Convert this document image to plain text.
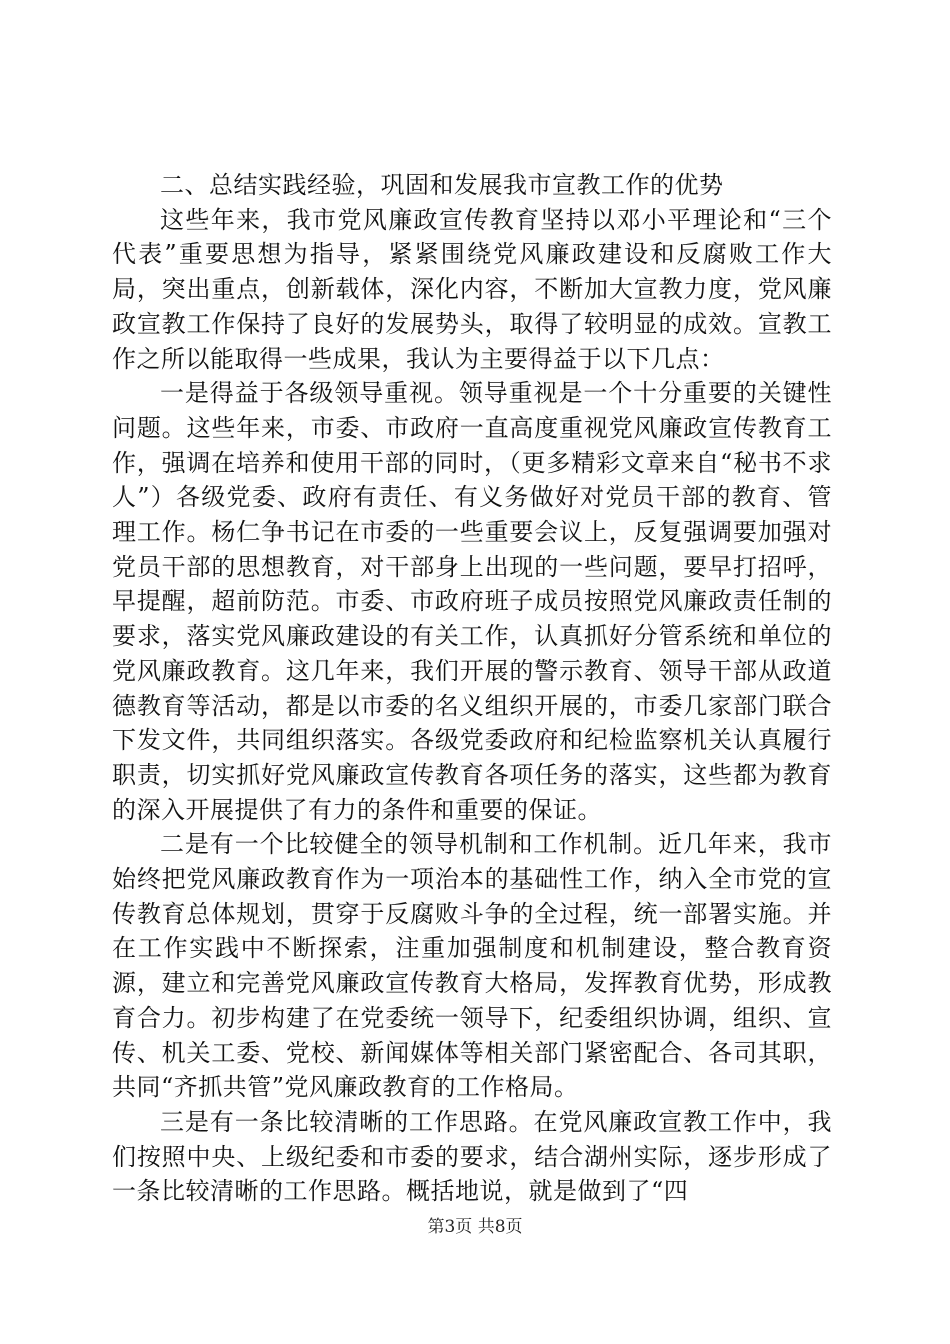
二、总结实践经验，巩固和发展我市宣教工作的优势

这些年来，我市党风廉政宣传教育坚持以邓小平理论和“三个代表”重要思想为指导，紧紧围绕党风廉政建设和反腐败工作大局，突出重点，创新载体，深化内容，不断加大宣教力度，党风廉政宣教工作保持了良好的发展势头，取得了较明显的成效。宣教工作之所以能取得一些成果，我认为主要得益于以下几点：

一是得益于各级领导重视。领导重视是一个十分重要的关键性问题。这些年来，市委、市政府一直高度重视党风廉政宣传教育工作，强调在培养和使用干部的同时，（更多精彩文章来自“秘书不求人”）各级党委、政府有责任、有义务做好对党员干部的教育、管理工作。杨仁争书记在市委的一些重要会议上，反复强调要加强对党员干部的思想教育，对干部身上出现的一些问题，要早打招呼，早提醒，超前防范。市委、市政府班子成员按照党风廉政责任制的要求，落实党风廉政建设的有关工作，认真抓好分管系统和单位的党风廉政教育。这几年来，我们开展的警示教育、领导干部从政道德教育等活动，都是以市委的名义组织开展的，市委几家部门联合下发文件，共同组织落实。各级党委政府和纪检监察机关认真履行职责，切实抓好党风廉政宣传教育各项任务的落实，这些都为教育的深入开展提供了有力的条件和重要的保证。

二是有一个比较健全的领导机制和工作机制。近几年来，我市始终把党风廉政教育作为一项治本的基础性工作，纳入全市党的宣传教育总体规划，贯穿于反腐败斗争的全过程，统一部署实施。并在工作实践中不断探索，注重加强制度和机制建设，整合教育资源，建立和完善党风廉政宣传教育大格局，发挥教育优势，形成教育合力。初步构建了在党委统一领导下，纪委组织协调，组织、宣传、机关工委、党校、新闻媒体等相关部门紧密配合、各司其职，共同“齐抓共管”党风廉政教育的工作格局。

三是有一条比较清晰的工作思路。在党风廉政宣教工作中，我们按照中央、上级纪委和市委的要求，结合湖州实际，逐步形成了一条比较清晰的工作思路。概括地说，就是做到了“四

第3页 共8页
